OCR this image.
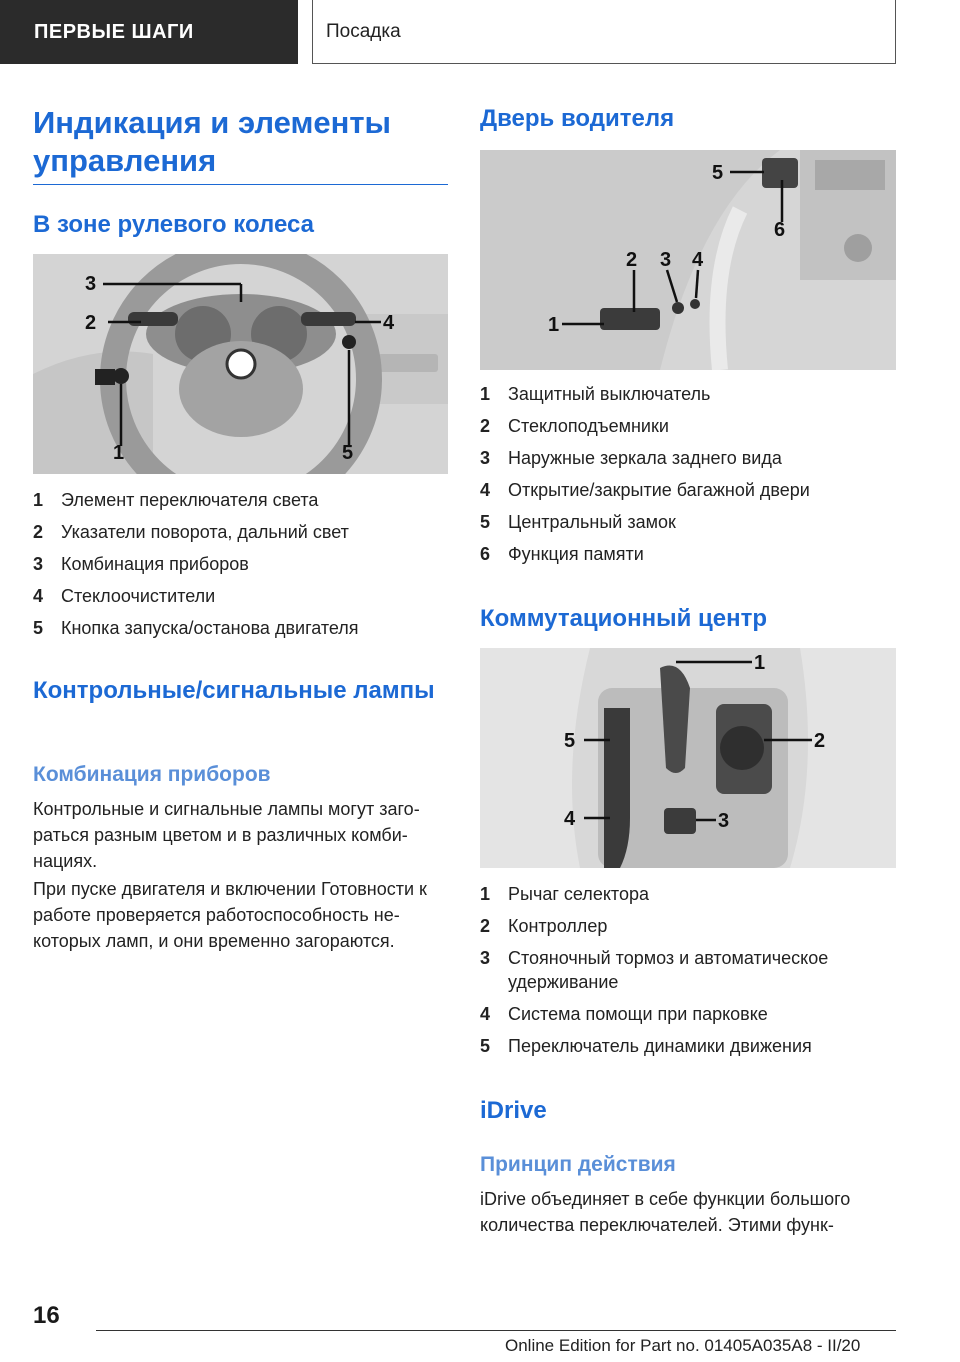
ПЕРВЫЕ ШАГИ	Посадка
Индикация и элементы управления
В зоне рулевого колеса
3
2	4
1	5
1 Элемент переключателя света
2 Указатели поворота, дальний свет
3 Комбинация приборов
4 Стеклоочистители
5 Кнопка запуска/останова двигателя
Контрольные/сигнальные лампы
Комбинация приборов

Контрольные и сигнальные лампы могут заго-раться разным цветом и в различных комби-нациях.

При пуске двигателя и включении Готовности к работе проверяется работоспособность не-которых ламп, и они временно загораются.

Дверь водителя
5
6
2 3 4
1
1 Защитный выключатель
2 Стеклоподъемники
3 Наружные зеркала заднего вида
4 Открытие/закрытие багажной двери
5 Центральный замок
6 Функция памяти
Коммутационный центр
1
2
3
4
5
1 Рычаг селектора
2 Контроллер
3 Стояночный тормоз и автоматическое удерживание
4 Система помощи при парковке
5 Переключатель динамики движения
iDrive
Принцип действия

iDrive объединяет в себе функции большого количества переключателей. Этими функ-

16
Online Edition for Part no. 01405A035A8 - II/20
